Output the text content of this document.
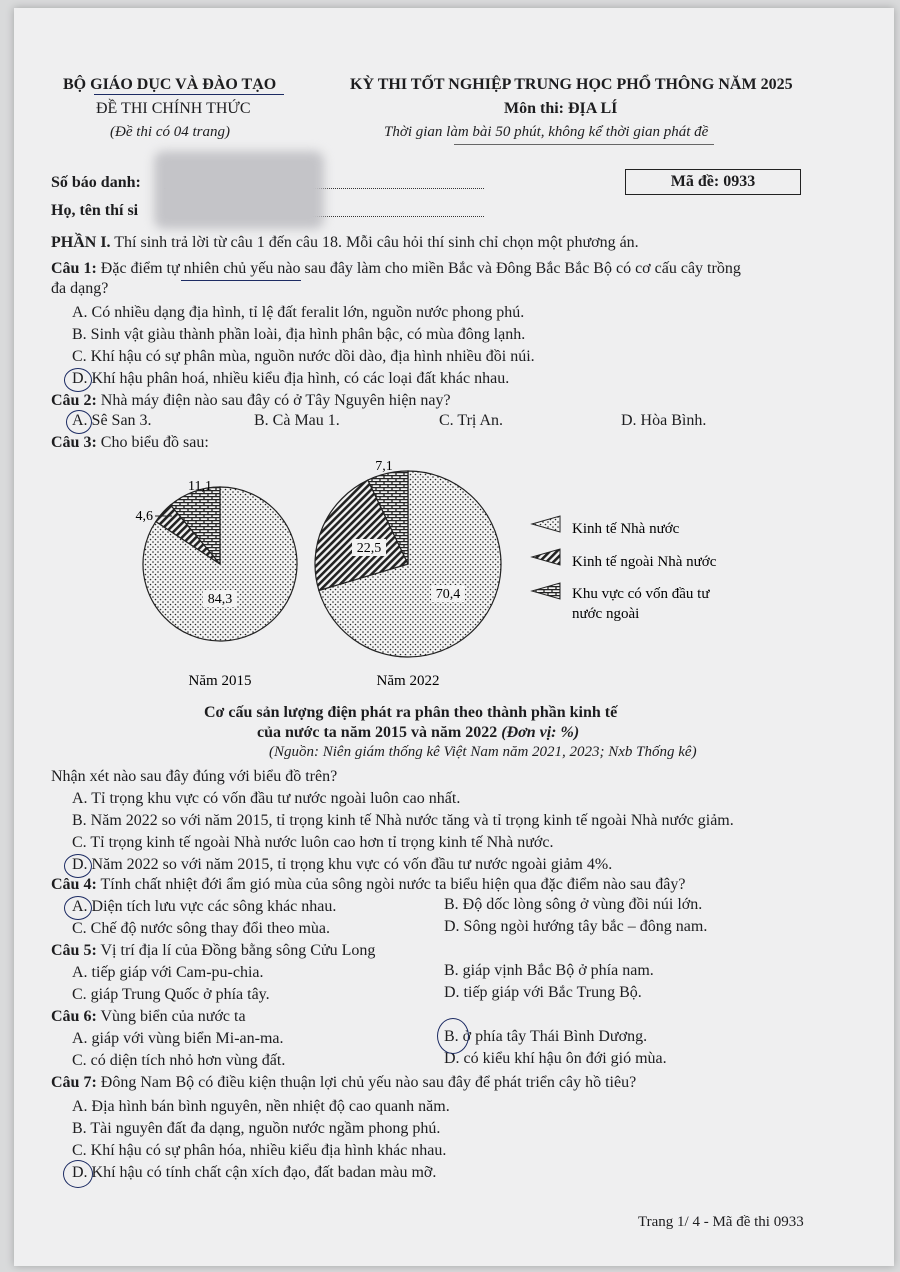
BỘ GIÁO DỤC VÀ ĐÀO TẠO
ĐỀ THI CHÍNH THỨC
(Đề thi có 04 trang)
KỲ THI TỐT NGHIỆP TRUNG HỌC PHỔ THÔNG NĂM 2025
Môn thi: ĐỊA LÍ
Thời gian làm bài 50 phút, không kể thời gian phát đề
Số báo danh:
Họ, tên thí si
Mã đề: 0933
PHẦN I. Thí sinh trả lời từ câu 1 đến câu 18. Mỗi câu hỏi thí sinh chỉ chọn một phương án.
Câu 1: Đặc điểm tự nhiên chủ yếu nào sau đây làm cho miền Bắc và Đông Bắc Bắc Bộ có cơ cấu cây trồng
đa dạng?
A. Có nhiều dạng địa hình, tỉ lệ đất feralit lớn, nguồn nước phong phú.
B. Sinh vật giàu thành phần loài, địa hình phân bậc, có mùa đông lạnh.
C. Khí hậu có sự phân mùa, nguồn nước dồi dào, địa hình nhiều đồi núi.
D. Khí hậu phân hoá, nhiều kiểu địa hình, có các loại đất khác nhau.
Câu 2: Nhà máy điện nào sau đây có ở Tây Nguyên hiện nay?
A. Sê San 3.	B. Cà Mau 1.	C. Trị An.	D. Hòa Bình.
Câu 3: Cho biểu đồ sau:
84,3
4,6
11,1
70,4
22,5
7,1
Năm 2015	Năm 2022
Kinh tế Nhà nước
Kinh tế ngoài Nhà nước
Khu vực có vốn đầu tư
nước ngoài
Cơ cấu sản lượng điện phát ra phân theo thành phần kinh tế
của nước ta năm 2015 và năm 2022 (Đơn vị: %)
(Nguồn: Niên giám thống kê Việt Nam năm 2021, 2023; Nxb Thống kê)
Nhận xét nào sau đây đúng với biểu đồ trên?
A. Tỉ trọng khu vực có vốn đầu tư nước ngoài luôn cao nhất.
B. Năm 2022 so với năm 2015, tỉ trọng kinh tế Nhà nước tăng và tỉ trọng kinh tế ngoài Nhà nước giảm.
C. Tỉ trọng kinh tế ngoài Nhà nước luôn cao hơn tỉ trọng kinh tế Nhà nước.
D. Năm 2022 so với năm 2015, tỉ trọng khu vực có vốn đầu tư nước ngoài giảm 4%.
Câu 4: Tính chất nhiệt đới ẩm gió mùa của sông ngòi nước ta biểu hiện qua đặc điểm nào sau đây?
A. Diện tích lưu vực các sông khác nhau.	B. Độ dốc lòng sông ở vùng đồi núi lớn.
C. Chế độ nước sông thay đổi theo mùa.	D. Sông ngòi hướng tây bắc – đông nam.
Câu 5: Vị trí địa lí của Đồng bằng sông Cửu Long
A. tiếp giáp với Cam-pu-chia.	B. giáp vịnh Bắc Bộ ở phía nam.
C. giáp Trung Quốc ở phía tây.	D. tiếp giáp với Bắc Trung Bộ.
Câu 6: Vùng biển của nước ta
A. giáp với vùng biển Mi-an-ma.	B. ở phía tây Thái Bình Dương.
C. có diện tích nhỏ hơn vùng đất.	D. có kiểu khí hậu ôn đới gió mùa.
Câu 7: Đông Nam Bộ có điều kiện thuận lợi chủ yếu nào sau đây để phát triển cây hồ tiêu?
A. Địa hình bán bình nguyên, nền nhiệt độ cao quanh năm.
B. Tài nguyên đất đa dạng, nguồn nước ngầm phong phú.
C. Khí hậu có sự phân hóa, nhiều kiểu địa hình khác nhau.
D. Khí hậu có tính chất cận xích đạo, đất badan màu mỡ.
Trang 1/ 4 - Mã đề thi 0933
